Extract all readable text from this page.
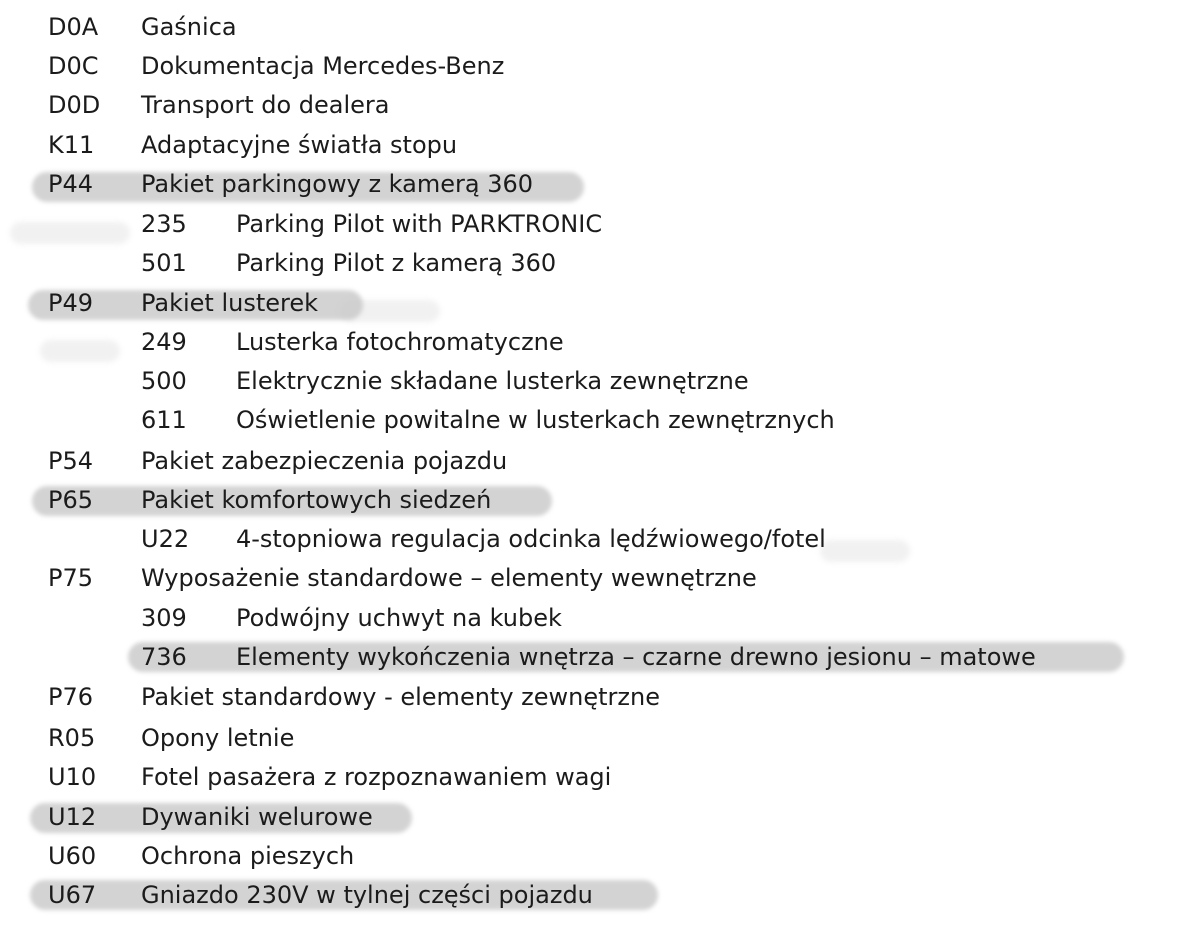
D0A Gaśnica
D0C Dokumentacja Mercedes-Benz
D0D Transport do dealera
K11 Adaptacyjne światła stopu
P44 Pakiet parkingowy z kamerą 360
235 Parking Pilot with PARKTRONIC
501 Parking Pilot z kamerą 360
P49 Pakiet lusterek
249 Lusterka fotochromatyczne
500 Elektrycznie składane lusterka zewnętrzne
611 Oświetlenie powitalne w lusterkach zewnętrznych
P54 Pakiet zabezpieczenia pojazdu
P65 Pakiet komfortowych siedzeń
U22 4-stopniowa regulacja odcinka lędźwiowego/fotel
P75 Wyposażenie standardowe – elementy wewnętrzne
309 Podwójny uchwyt na kubek
736 Elementy wykończenia wnętrza – czarne drewno jesionu – matowe
P76 Pakiet standardowy - elementy zewnętrzne
R05 Opony letnie
U10 Fotel pasażera z rozpoznawaniem wagi
U12 Dywaniki welurowe
U60 Ochrona pieszych
U67 Gniazdo 230V w tylnej części pojazdu
